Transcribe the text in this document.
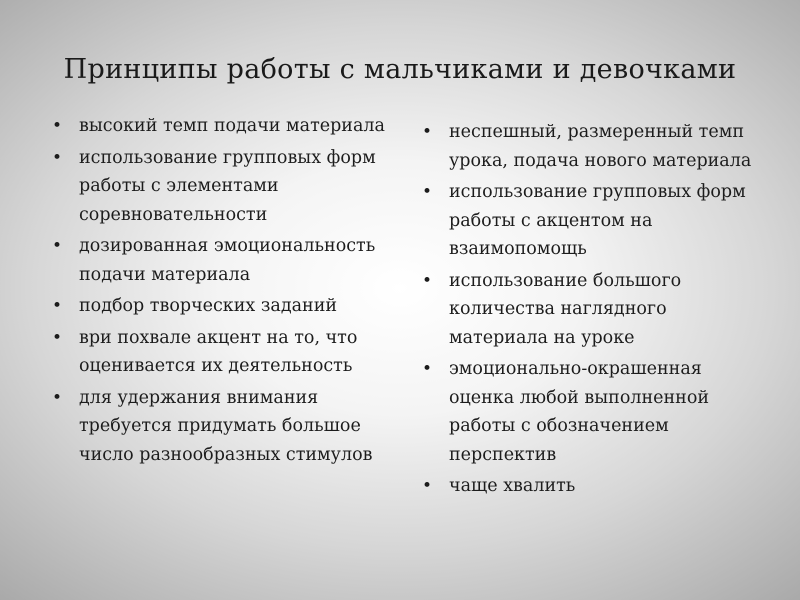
Принципы работы с мальчиками и девочками
• высокий темп подачи материала
• использование групповых форм работы с элементами соревновательности
• дозированная эмоциональность подачи материала
• подбор творческих заданий
• ври похвале акцент на то, что оценивается их деятельность
• для удержания внимания требуется придумать большое число разнообразных стимулов
• неспешный, размеренный темп урока, подача нового материала
• использование групповых форм работы с акцентом на взаимопомощь
• использование большого количества наглядного материала на уроке
• эмоционально-окрашенная оценка любой выполненной работы с обозначением перспектив
• чаще хвалить
